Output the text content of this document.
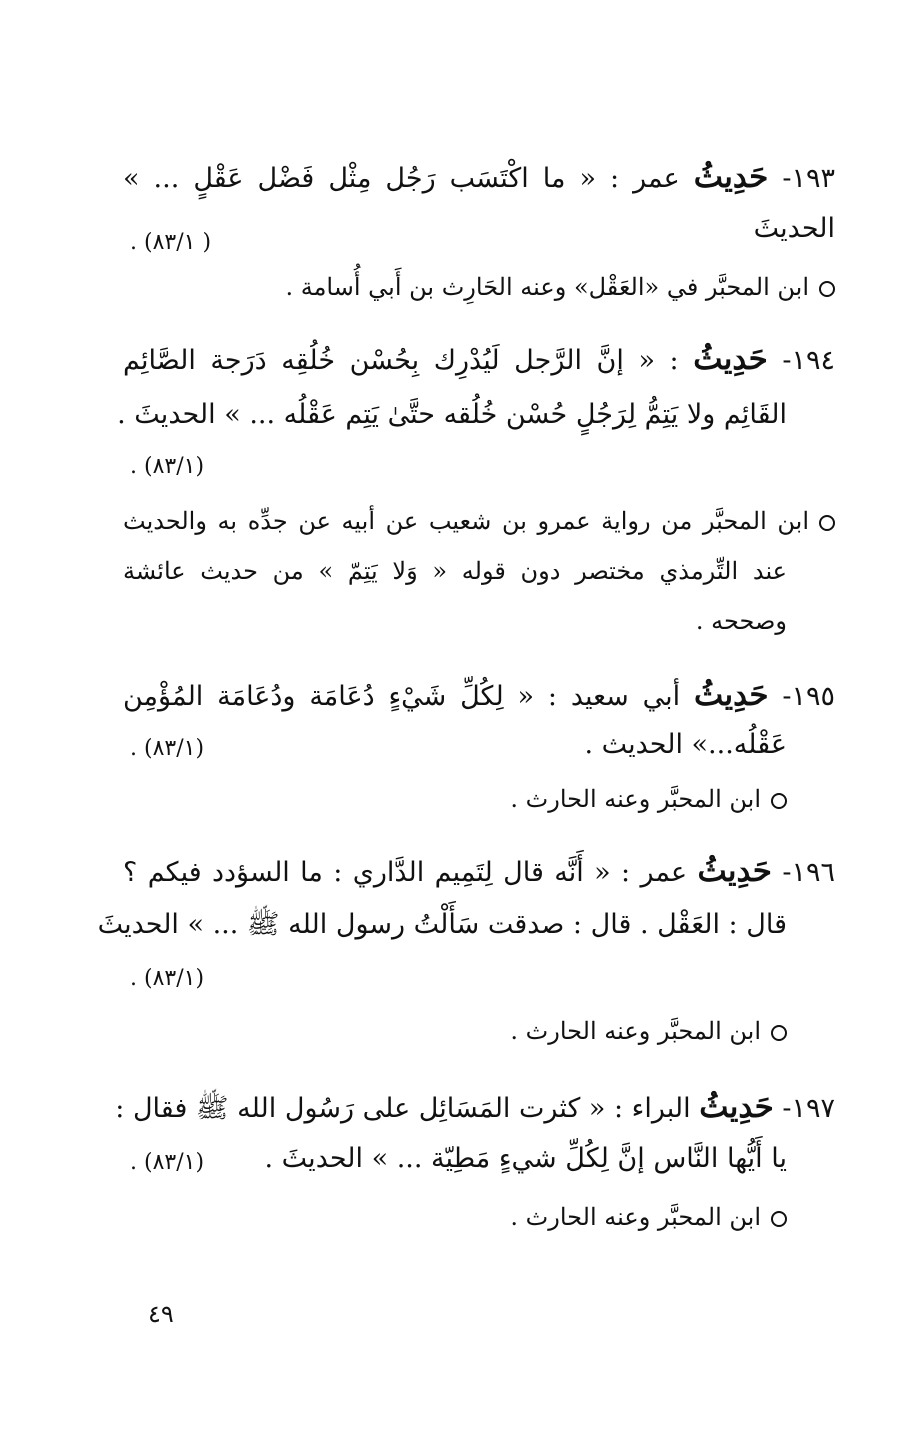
١٩٣- حَدِيثُ عمر : « ما اكْتَسَب رَجُل مِثْل فَضْل عَقْلٍ ... »
الحديثَ
( ٨٣/١) .
ابن المحبَّر في «العَقْل» وعنه الحَارِث بن أَبي أُسامة .
١٩٤- حَدِيثُ : « إنَّ الرَّجل لَيُدْرِك بِحُسْن خُلُقِه دَرَجة الصَّائِم
القَائِم ولا يَتِمُّ لِرَجُلٍ حُسْن خُلُقه حتَّىٰ يَتِم عَقْلُه ... » الحديثَ .
(٨٣/١) .
ابن المحبَّر من رواية عمرو بن شعيب عن أبيه عن جدِّه به والحديث
عند التِّرمذي مختصر دون قوله « وَلا يَتِمّ » من حديث عائشة
وصححه .
١٩٥- حَدِيثُ أبي سعيد : « لِكُلِّ شَيْءٍ دُعَامَة ودُعَامَة المُؤْمِن
عَقْلُه...» الحديث .
(٨٣/١) .
ابن المحبَّر وعنه الحارث .
١٩٦- حَدِيثُ عمر : « أَنَّه قال لِتَمِيم الدَّاري : ما السؤدد فيكم ؟
قال : العَقْل . قال : صدقت سَأَلْتُ رسول الله ﷺ ... » الحديثَ
(٨٣/١) .
ابن المحبَّر وعنه الحارث .
١٩٧- حَدِيثُ البراء : « كثرت المَسَائِل على رَسُول الله ﷺ فقال :
يا أَيُّها النَّاس إنَّ لِكُلِّ شيءٍ مَطِيّة ... » الحديثَ .
(٨٣/١) .
ابن المحبَّر وعنه الحارث .
٤٩
